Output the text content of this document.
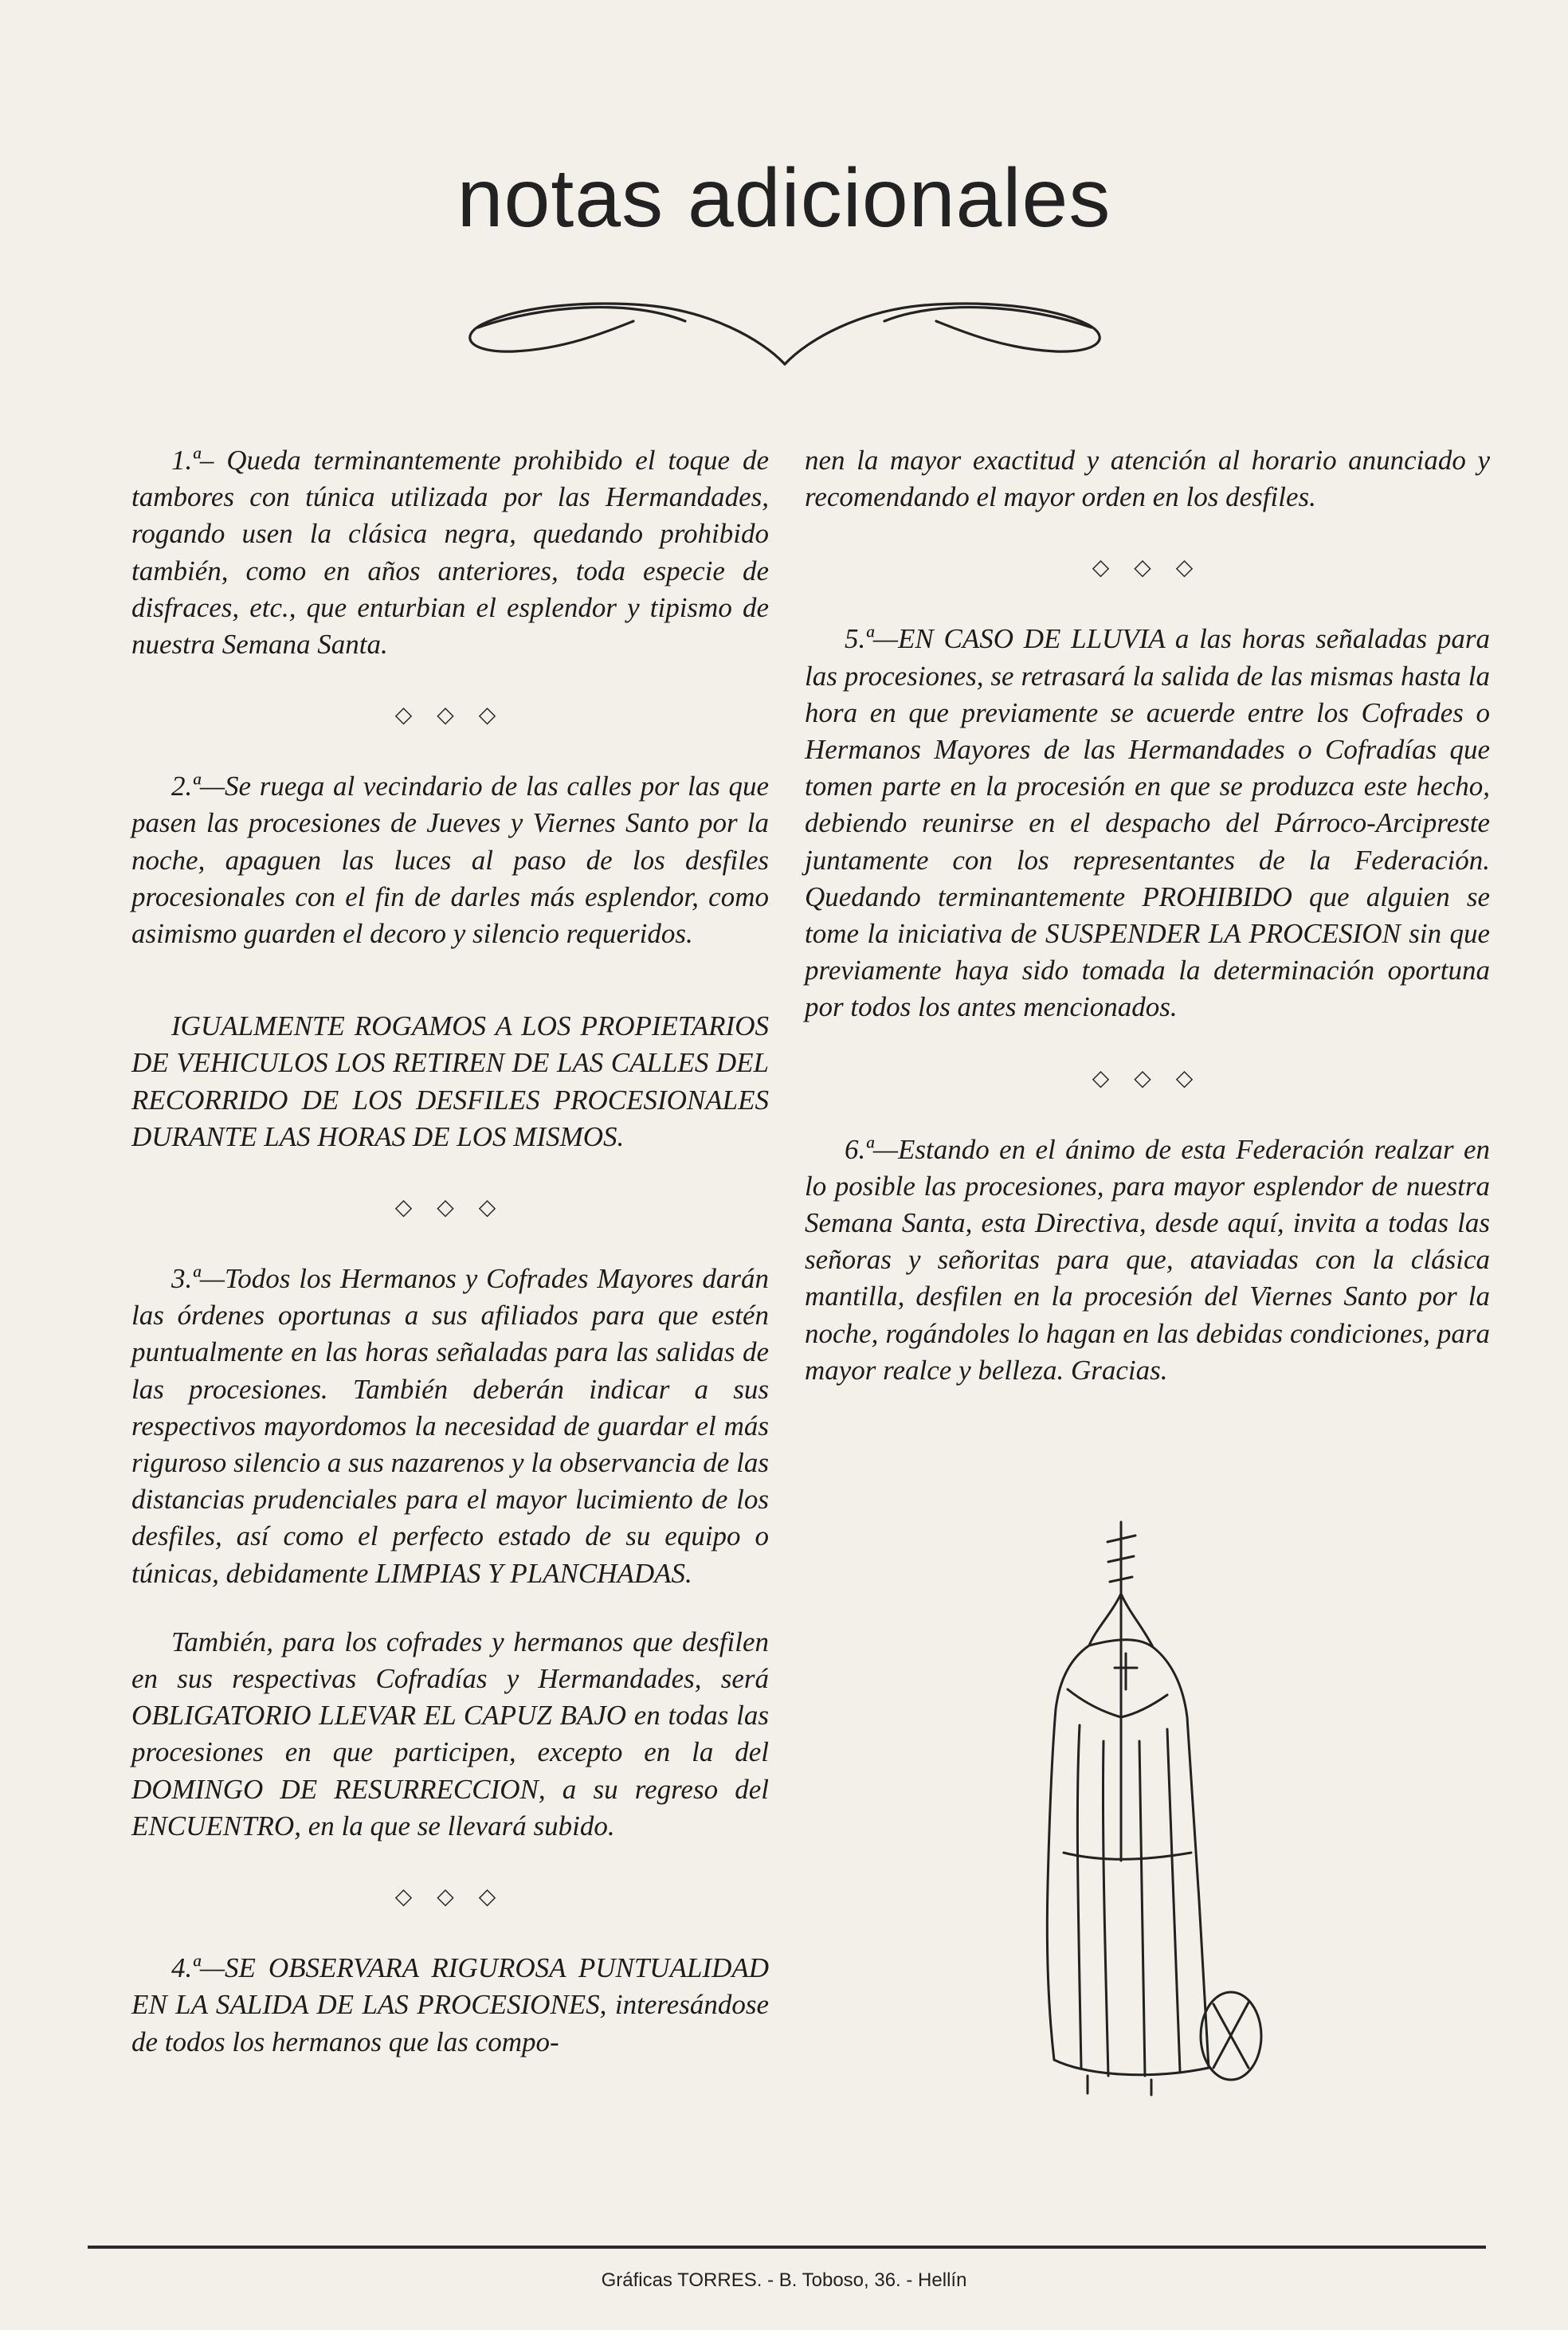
notas adicionales

1.ª– Queda terminantemente prohibido el toque de tambores con túnica utilizada por las Hermandades, rogando usen la clásica negra, quedando prohibido también, como en años anteriores, toda especie de disfraces, etc., que enturbian el esplendor y tipismo de nuestra Semana Santa.

◇ ◇ ◇

2.ª—Se ruega al vecindario de las calles por las que pasen las procesiones de Jueves y Viernes Santo por la noche, apaguen las luces al paso de los desfiles procesionales con el fin de darles más esplendor, como asimismo guarden el decoro y silencio requeridos.

IGUALMENTE ROGAMOS A LOS PROPIETARIOS DE VEHICULOS LOS RETIREN DE LAS CALLES DEL RECORRIDO DE LOS DESFILES PROCESIONALES DURANTE LAS HORAS DE LOS MISMOS.

◇ ◇ ◇

3.ª—Todos los Hermanos y Cofrades Mayores darán las órdenes oportunas a sus afiliados para que estén puntualmente en las horas señaladas para las salidas de las procesiones. También deberán indicar a sus respectivos mayordomos la necesidad de guardar el más riguroso silencio a sus nazarenos y la observancia de las distancias prudenciales para el mayor lucimiento de los desfiles, así como el perfecto estado de su equipo o túnicas, debidamente LIMPIAS Y PLANCHADAS.

También, para los cofrades y hermanos que desfilen en sus respectivas Cofradías y Hermandades, será OBLIGATORIO LLEVAR EL CAPUZ BAJO en todas las procesiones en que participen, excepto en la del DOMINGO DE RESURRECCION, a su regreso del ENCUENTRO, en la que se llevará subido.

◇ ◇ ◇

4.ª—SE OBSERVARA RIGUROSA PUNTUALIDAD EN LA SALIDA DE LAS PROCESIONES, interesándose de todos los hermanos que las compo-

nen la mayor exactitud y atención al horario anunciado y recomendando el mayor orden en los desfiles.

◇ ◇ ◇

5.ª—EN CASO DE LLUVIA a las horas señaladas para las procesiones, se retrasará la salida de las mismas hasta la hora en que previamente se acuerde entre los Cofrades o Hermanos Mayores de las Hermandades o Cofradías que tomen parte en la procesión en que se produzca este hecho, debiendo reunirse en el despacho del Párroco-Arcipreste juntamente con los representantes de la Federación. Quedando terminantemente PROHIBIDO que alguien se tome la iniciativa de SUSPENDER LA PROCESION sin que previamente haya sido tomada la determinación oportuna por todos los antes mencionados.

◇ ◇ ◇

6.ª—Estando en el ánimo de esta Federación realzar en lo posible las procesiones, para mayor esplendor de nuestra Semana Santa, esta Directiva, desde aquí, invita a todas las señoras y señoritas para que, ataviadas con la clásica mantilla, desfilen en la procesión del Viernes Santo por la noche, rogándoles lo hagan en las debidas condiciones, para mayor realce y belleza. Gracias.

Gráficas TORRES. - B. Toboso, 36. - Hellín
